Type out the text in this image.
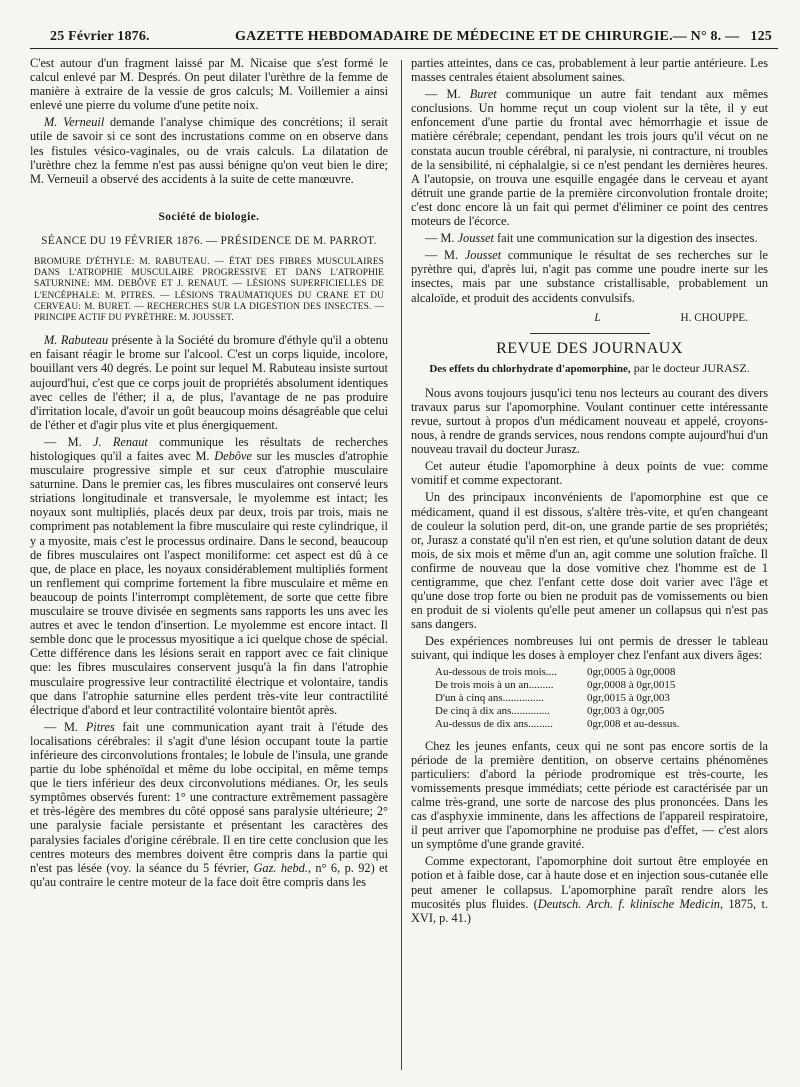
25 Février 1876.	GAZETTE HEBDOMADAIRE DE MÉDECINE ET DE CHIRURGIE. — N° 8. — 125

C'est autour d'un fragment laissé par M. Nicaise que s'est formé le calcul enlevé par M. Després. On peut dilater l'urèthre de la femme de manière à extraire de la vessie de gros calculs; M. Voillemier a ainsi enlevé une pierre du volume d'une petite noix.

M. Verneuil demande l'analyse chimique des concrétions; il serait utile de savoir si ce sont des incrustations comme on en observe dans les fistules vésico-vaginales, ou de vrais calculs. La dilatation de l'urèthre chez la femme n'est pas aussi bénigne qu'on veut bien le dire; M. Verneuil a observé des accidents à la suite de cette manœuvre.

Société de biologie.
SÉANCE DU 19 FÉVRIER 1876. — PRÉSIDENCE DE M. PARROT.
BROMURE D'ÉTHYLE: M. RABUTEAU. — ÉTAT DES FIBRES MUSCULAIRES DANS L'ATROPHIE MUSCULAIRE PROGRESSIVE ET DANS L'ATROPHIE SATURNINE: MM. DEBÔVE ET J. RENAUT. — LÉSIONS SUPERFICIELLES DE L'ENCÉPHALE: M. PITRES. — LÉSIONS TRAUMATIQUES DU CRANE ET DU CERVEAU: M. BURET. — RECHERCHES SUR LA DIGESTION DES INSECTES. — PRINCIPE ACTIF DU PYRÈTHRE: M. JOUSSET.

M. Rabuteau présente à la Société du bromure d'éthyle qu'il a obtenu en faisant réagir le brome sur l'alcool. C'est un corps liquide, incolore, bouillant vers 40 degrés. Le point sur lequel M. Rabuteau insiste surtout aujourd'hui, c'est que ce corps jouit de propriétés absolument identiques avec celles de l'éther; il a, de plus, l'avantage de ne pas produire d'irritation locale, d'avoir un goût beaucoup moins désagréable que celui de l'éther et d'agir plus vite et plus énergiquement.

— M. J. Renaut communique les résultats de recherches histologiques qu'il a faites avec M. Debôve sur les muscles d'atrophie musculaire progressive simple et sur ceux d'atrophie musculaire saturnine. Dans le premier cas, les fibres musculaires ont conservé leurs striations longitudinale et transversale, le myolemme est intact; les noyaux sont multipliés, placés deux par deux, trois par trois, mais ne compriment pas notablement la fibre musculaire qui reste cylindrique, il y a myosite, mais c'est le processus ordinaire. Dans le second, beaucoup de fibres musculaires ont l'aspect moniliforme: cet aspect est dû à ce que, de place en place, les noyaux considérablement multipliés forment un renflement qui comprime fortement la fibre musculaire et même en beaucoup de points l'interrompt complètement, de sorte que cette fibre musculaire se trouve divisée en segments sans rapports les uns avec les autres et avec le tendon d'insertion. Le myolemme est encore intact. Il semble donc que le processus myositique a ici quelque chose de spécial. Cette différence dans les lésions serait en rapport avec ce fait clinique que: les fibres musculaires conservent jusqu'à la fin dans l'atrophie musculaire progressive leur contractilité électrique et volontaire, tandis que dans l'atrophie saturnine elles perdent très-vite leur contractilité électrique d'abord et leur contractilité volontaire bientôt après.

— M. Pitres fait une communication ayant trait à l'étude des localisations cérébrales: il s'agit d'une lésion occupant toute la partie inférieure des circonvolutions frontales; le lobule de l'insula, une grande partie du lobe sphénoïdal et même du lobe occipital, en même temps que le tiers inférieur des deux circonvolutions médianes. Or, les seuls symptômes observés furent: 1° une contracture extrêmement passagère et très-légère des membres du côté opposé sans paralysie ultérieure; 2° une paralysie faciale persistante et présentant les caractères des paralysies faciales d'origine cérébrale. Il en tire cette conclusion que les centres moteurs des membres doivent être compris dans la partie qui n'est pas lésée (voy. la séance du 5 février, Gaz. hebd., n° 6, p. 92) et qu'au contraire le centre moteur de la face doit être compris dans les

parties atteintes, dans ce cas, probablement à leur partie antérieure. Les masses centrales étaient absolument saines.

— M. Buret communique un autre fait tendant aux mêmes conclusions. Un homme reçut un coup violent sur la tête, il y eut enfoncement d'une partie du frontal avec hémorrhagie et issue de matière cérébrale; cependant, pendant les trois jours qu'il vécut on ne constata aucun trouble cérébral, ni paralysie, ni contracture, ni troubles de la sensibilité, ni céphalalgie, si ce n'est pendant les dernières heures. A l'autopsie, on trouva une esquille engagée dans le cerveau et ayant détruit une grande partie de la première circonvolution frontale droite; c'est donc encore là un fait qui permet d'éliminer ce point des centres moteurs de l'écorce.

— M. Jousset fait une communication sur la digestion des insectes.

— M. Jousset communique le résultat de ses recherches sur le pyrèthre qui, d'après lui, n'agit pas comme une poudre inerte sur les insectes, mais par une substance cristallisable, probablement un alcaloïde, et produit des accidents convulsifs.

L	H. CHOUPPE.
REVUE DES JOURNAUX
Des effets du chlorhydrate d'apomorphine, par le docteur JURASZ.

Nous avons toujours jusqu'ici tenu nos lecteurs au courant des divers travaux parus sur l'apomorphine. Voulant continuer cette intéressante revue, surtout à propos d'un médicament nouveau et appelé, croyons-nous, à rendre de grands services, nous rendons compte aujourd'hui d'un nouveau travail du docteur Jurasz.

Cet auteur étudie l'apomorphine à deux points de vue: comme vomitif et comme expectorant.

Un des principaux inconvénients de l'apomorphine est que ce médicament, quand il est dissous, s'altère très-vite, et qu'en changeant de couleur la solution perd, dit-on, une grande partie de ses propriétés; or, Jurasz a constaté qu'il n'en est rien, et qu'une solution datant de deux mois, de six mois et même d'un an, agit comme une solution fraîche. Il confirme de nouveau que la dose vomitive chez l'homme est de 1 centigramme, que chez l'enfant cette dose doit varier avec l'âge et qu'une dose trop forte ou bien ne produit pas de vomissements ou bien en produit de si violents qu'elle peut amener un collapsus qui n'est pas sans dangers.

Des expériences nombreuses lui ont permis de dresser le tableau suivant, qui indique les doses à employer chez l'enfant aux divers âges:

Au-dessous de trois mois....	0gr,0005 à 0gr,0008
De trois mois à un an.........	0gr,0008 à 0gr,0015
D'un à cinq ans...............	0gr,0015 à 0gr,003
De cinq à dix ans..............	0gr,003 à 0gr,005
Au-dessus de dix ans.........	0gr,008 et au-dessus.

Chez les jeunes enfants, ceux qui ne sont pas encore sortis de la période de la première dentition, on observe certains phénomènes particuliers: d'abord la période prodromique est très-courte, les vomissements presque immédiats; cette période est caractérisée par un calme très-grand, une sorte de narcose des plus prononcées. Dans les cas d'asphyxie imminente, dans les affections de l'appareil respiratoire, il peut arriver que l'apomorphine ne produise pas d'effet, — c'est alors un symptôme d'une grande gravité.

Comme expectorant, l'apomorphine doit surtout être employée en potion et à faible dose, car à haute dose et en injection sous-cutanée elle peut amener le collapsus. L'apomorphine paraît rendre alors les mucosités plus fluides. (Deutsch. Arch. f. klinische Medicin, 1875, t. XVI, p. 41.)
